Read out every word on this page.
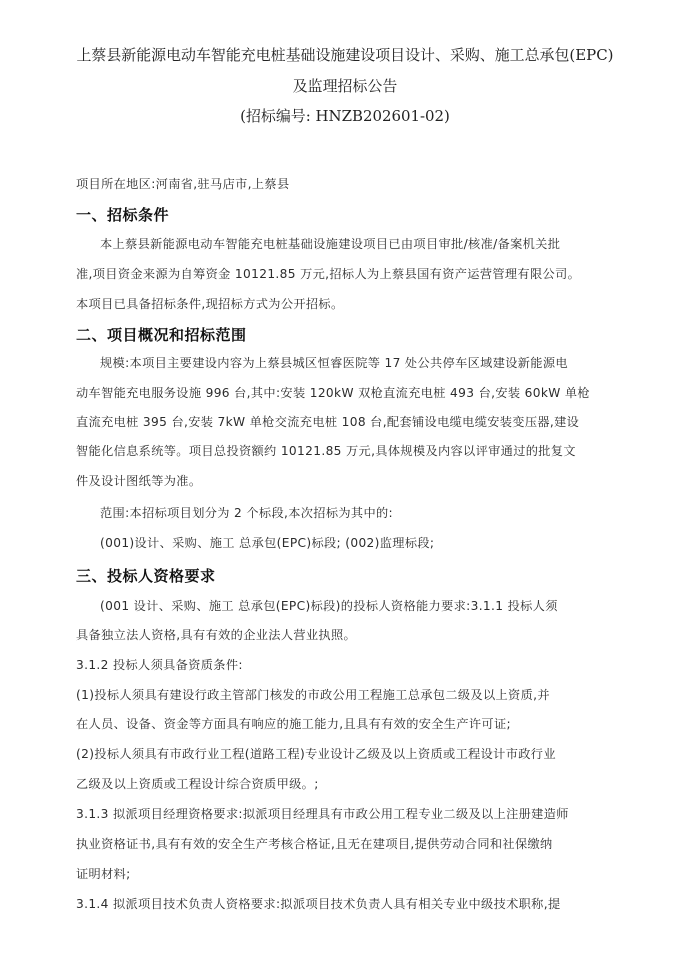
上蔡县新能源电动车智能充电桩基础设施建设项目设计、采购、施工总承包(EPC)
及监理招标公告
(招标编号: HNZB202601-02)
项目所在地区:河南省,驻马店市,上蔡县
一、招标条件
本上蔡县新能源电动车智能充电桩基础设施建设项目已由项目审批/核准/备案机关批
准,项目资金来源为自筹资金 10121.85 万元,招标人为上蔡县国有资产运营管理有限公司。
本项目已具备招标条件,现招标方式为公开招标。
二、项目概况和招标范围
规模:本项目主要建设内容为上蔡县城区恒睿医院等 17 处公共停车区域建设新能源电
动车智能充电服务设施 996 台,其中:安装 120kW 双枪直流充电桩 493 台,安装 60kW 单枪
直流充电桩 395 台,安装 7kW 单枪交流充电桩 108 台,配套铺设电缆电缆安装变压器,建设
智能化信息系统等。项目总投资额约 10121.85 万元,具体规模及内容以评审通过的批复文
件及设计图纸等为准。
范围:本招标项目划分为 2 个标段,本次招标为其中的:
(001)设计、采购、施工 总承包(EPC)标段; (002)监理标段;
三、投标人资格要求
(001 设计、采购、施工 总承包(EPC)标段)的投标人资格能力要求:3.1.1 投标人须
具备独立法人资格,具有有效的企业法人营业执照。
3.1.2 投标人须具备资质条件:
(1)投标人须具有建设行政主管部门核发的市政公用工程施工总承包二级及以上资质,并
在人员、设备、资金等方面具有响应的施工能力,且具有有效的安全生产许可证;
(2)投标人须具有市政行业工程(道路工程)专业设计乙级及以上资质或工程设计市政行业
乙级及以上资质或工程设计综合资质甲级。;
3.1.3 拟派项目经理资格要求:拟派项目经理具有市政公用工程专业二级及以上注册建造师
执业资格证书,具有有效的安全生产考核合格证,且无在建项目,提供劳动合同和社保缴纳
证明材料;
3.1.4 拟派项目技术负责人资格要求:拟派项目技术负责人具有相关专业中级技术职称,提
